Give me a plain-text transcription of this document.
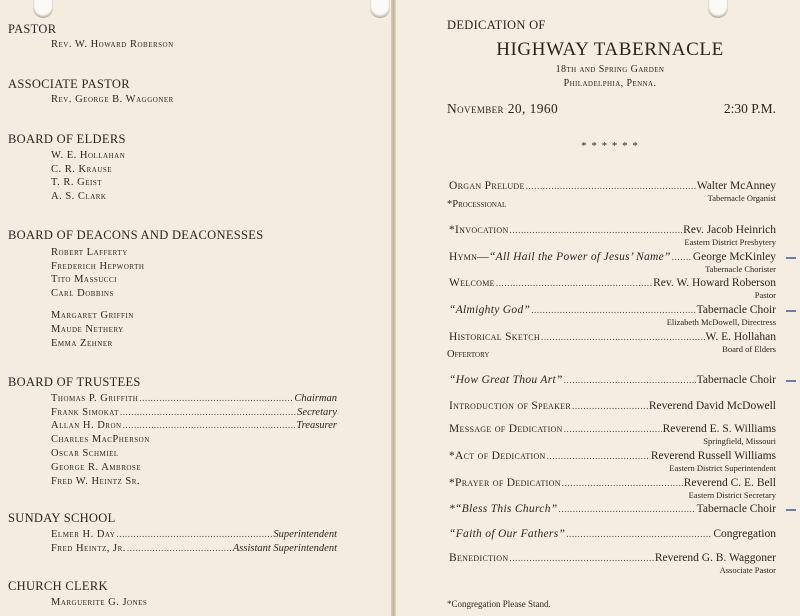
PASTOR
Rev. W. Howard Roberson
ASSOCIATE PASTOR
Rev. George B. Waggoner
BOARD OF ELDERS
W. E. Hollahan
C. R. Krause
T. R. Geist
A. S. Clark
BOARD OF DEACONS AND DEACONESSES
Robert Lafferty
Frederich Hepworth
Tito Massucci
Carl Dobbins
Margaret Griffin
Maude Nethery
Emma Zehner
BOARD OF TRUSTEES
Thomas P. Griffith .....	Chairman
Frank Simokat .....	Secretary
Allan H. Dron .....	Treasurer
Charles MacPherson
Oscar Schmiel
George R. Ambrose
Fred W. Heintz Sr.
SUNDAY SCHOOL
Elmer H. Day .....	Superintendent
Fred Heintz, Jr. .....	Assistant Superintendent
CHURCH CLERK
Marguerite G. Jones
DEDICATION OF
HIGHWAY TABERNACLE
18th and Spring Garden
Philadelphia, Penna.
November 20, 1960	2:30 P.M.
* * * * * *
Organ Prelude .....	Walter McAnney
Tabernacle Organist
*Processional
*Invocation .....	Rev. Jacob Heinrich
Eastern District Presbytery
Hymn—“All Hail the Power of Jesus’ Name” ..... George McKinley
Tabernacle Chorister
Welcome .....	Rev. W. Howard Roberson
Pastor
“Almighty God” .....	Tabernacle Choir
Elizabeth McDowell, Directress
Historical Sketch .....	W. E. Hollahan
Board of Elders
Offertory
“How Great Thou Art” .....	Tabernacle Choir
Introduction of Speaker .....	Reverend David McDowell
Message of Dedication .....	Reverend E. S. Williams
Springfield, Missouri
*Act of Dedication .....	Reverend Russell Williams
Eastern District Superintendent
*Prayer of Dedication .....	Reverend C. E. Bell
Eastern District Secretary
*“Bless This Church” .....	Tabernacle Choir
“Faith of Our Fathers” .....	Congregation
Benediction .....	Reverend G. B. Waggoner
Associate Pastor
*Congregation Please Stand.
